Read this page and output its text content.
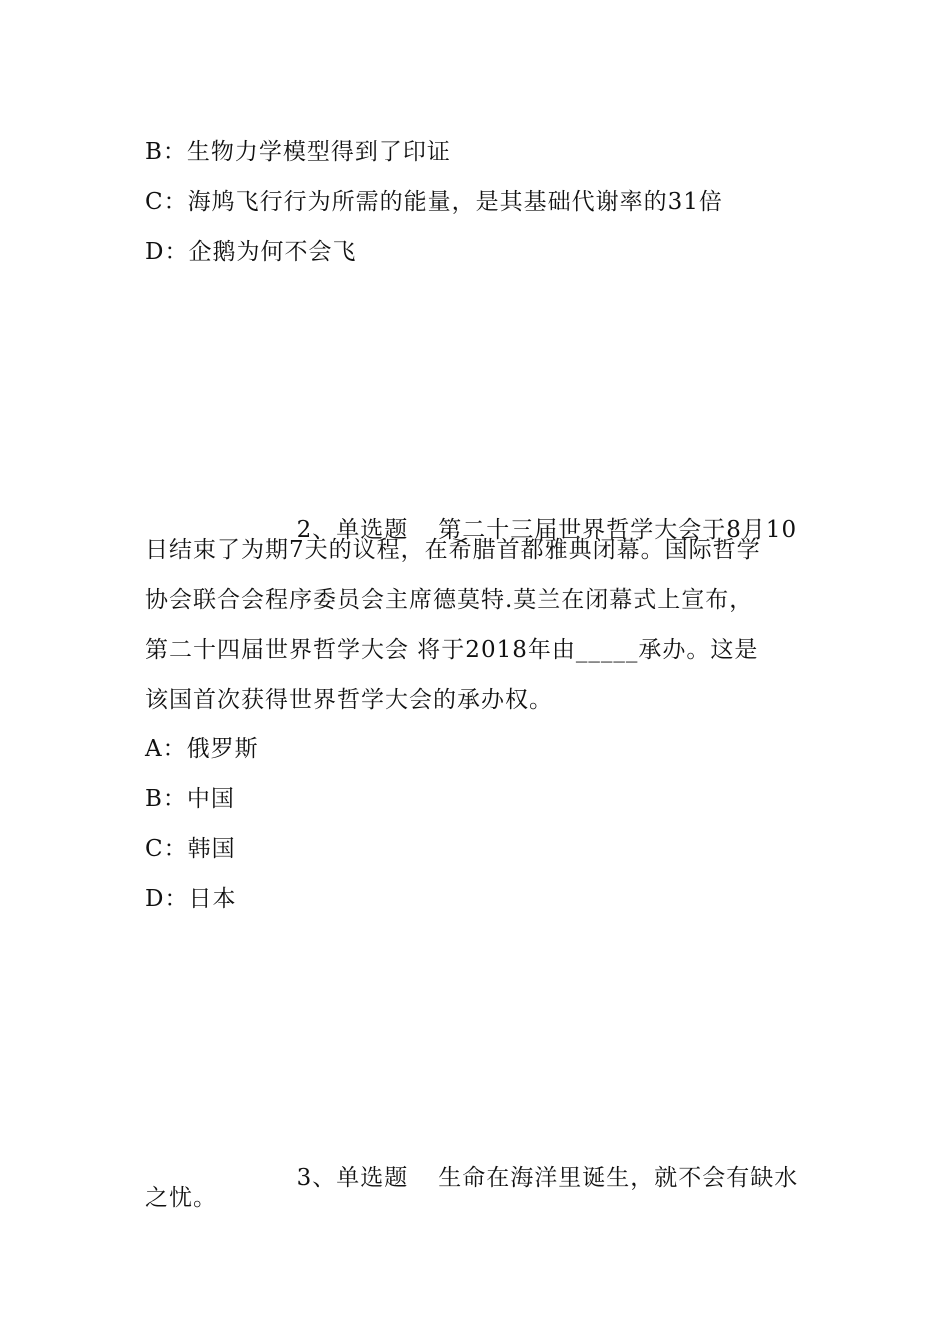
B：生物力学模型得到了印证
C：海鸠飞行行为所需的能量，是其基础代谢率的31倍
D：企鹅为何不会飞

2、单选题 第二十三届世界哲学大会于8月10

日结束了为期7天的议程，在希腊首都雅典闭幕。国际哲学
协会联合会程序委员会主席德莫特.莫兰在闭幕式上宣布，
第二十四届世界哲学大会 将于2018年由_____承办。这是
该国首次获得世界哲学大会的承办权。
A：俄罗斯
B：中国
C：韩国
D：日本

3、单选题 生命在海洋里诞生，就不会有缺水

之忧。
